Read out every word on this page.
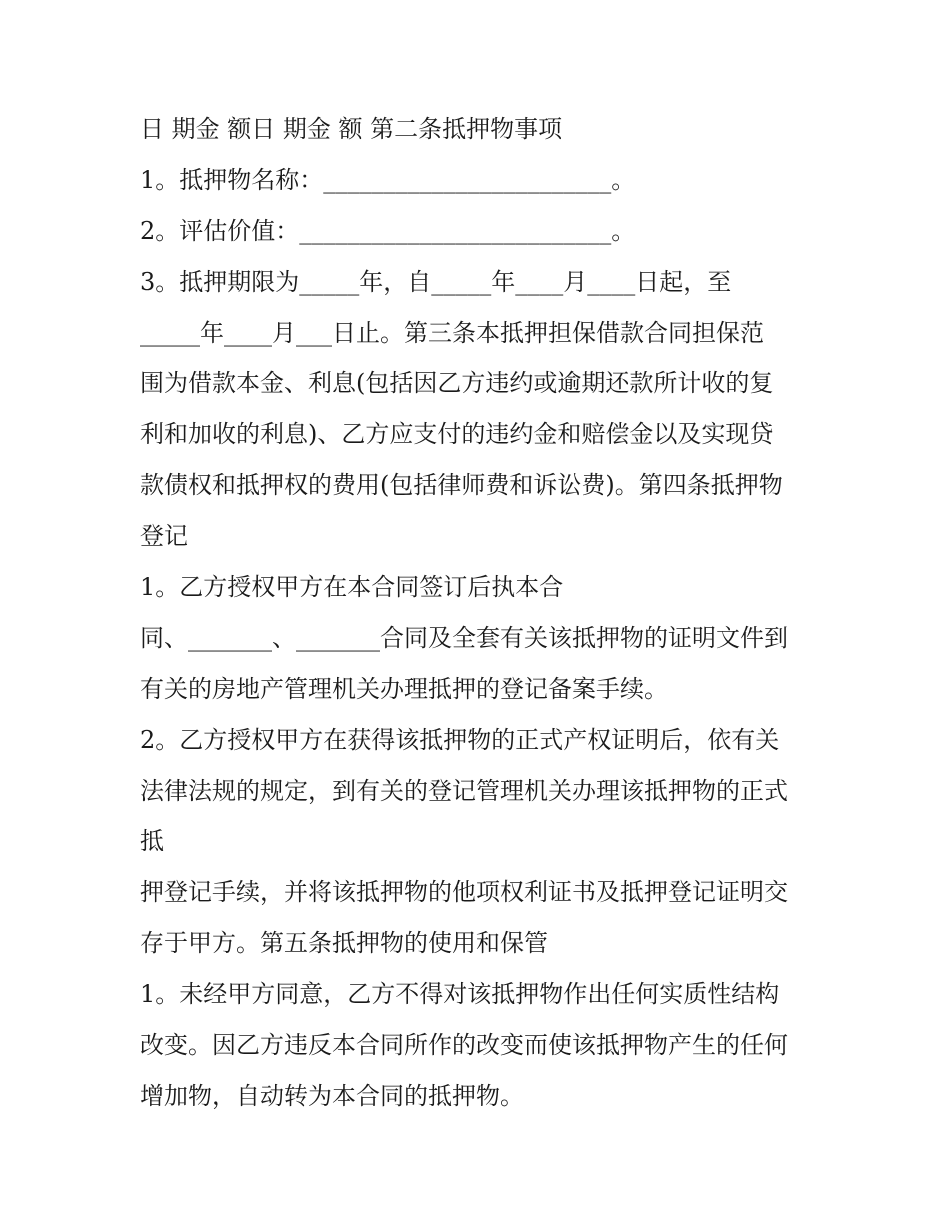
日 期金 额日 期金 额 第二条抵押物事项
1。抵押物名称：________________________。
2。评估价值：__________________________。
3。抵押期限为_____年，自_____年____月____日起，至
_____年____月___日止。第三条本抵押担保借款合同担保范
围为借款本金、利息(包括因乙方违约或逾期还款所计收的复
利和加收的利息)、乙方应支付的违约金和赔偿金以及实现贷
款债权和抵押权的费用(包括律师费和诉讼费)。第四条抵押物
登记
1。乙方授权甲方在本合同签订后执本合
同、_______、_______合同及全套有关该抵押物的证明文件到
有关的房地产管理机关办理抵押的登记备案手续。
2。乙方授权甲方在获得该抵押物的正式产权证明后，依有关
法律法规的规定，到有关的登记管理机关办理该抵押物的正式
抵
押登记手续，并将该抵押物的他项权利证书及抵押登记证明交
存于甲方。第五条抵押物的使用和保管
1。未经甲方同意，乙方不得对该抵押物作出任何实质性结构
改变。因乙方违反本合同所作的改变而使该抵押物产生的任何
增加物，自动转为本合同的抵押物。
